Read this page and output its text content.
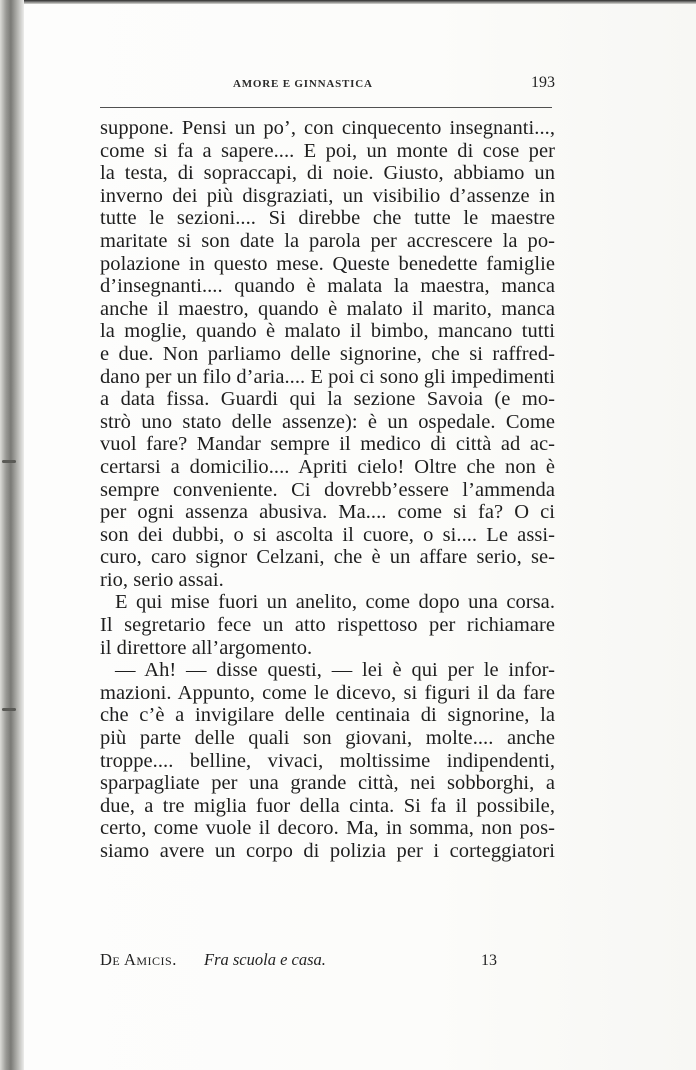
AMORE E GINNASTICA	193
suppone. Pensi un po’, con cinquecento insegnanti...,
come si fa a sapere.... E poi, un monte di cose per
la testa, di sopraccapi, di noie. Giusto, abbiamo un
inverno dei più disgraziati, un visibilio d’assenze in
tutte le sezioni.... Si direbbe che tutte le maestre
maritate si son date la parola per accrescere la po-
polazione in questo mese. Queste benedette famiglie
d’insegnanti.... quando è malata la maestra, manca
anche il maestro, quando è malato il marito, manca
la moglie, quando è malato il bimbo, mancano tutti
e due. Non parliamo delle signorine, che si raffred-
dano per un filo d’aria.... E poi ci sono gli impedimenti
a data fissa. Guardi qui la sezione Savoia (e mo-
strò uno stato delle assenze): è un ospedale. Come
vuol fare? Mandar sempre il medico di città ad ac-
certarsi a domicilio.... Apriti cielo! Oltre che non è
sempre conveniente. Ci dovrebb’essere l’ammenda
per ogni assenza abusiva. Ma.... come si fa? O ci
son dei dubbi, o si ascolta il cuore, o si.... Le assi-
curo, caro signor Celzani, che è un affare serio, se-
rio, serio assai.
E qui mise fuori un anelito, come dopo una corsa.
Il segretario fece un atto rispettoso per richiamare
il direttore all’argomento.
— Ah! — disse questi, — lei è qui per le infor-
mazioni. Appunto, come le dicevo, si figuri il da fare
che c’è a invigilare delle centinaia di signorine, la
più parte delle quali son giovani, molte.... anche
troppe.... belline, vivaci, moltissime indipendenti,
sparpagliate per una grande città, nei sobborghi, a
due, a tre miglia fuor della cinta. Si fa il possibile,
certo, come vuole il decoro. Ma, in somma, non pos-
siamo avere un corpo di polizia per i corteggiatori
De Amicis. Fra scuola e casa.	13
